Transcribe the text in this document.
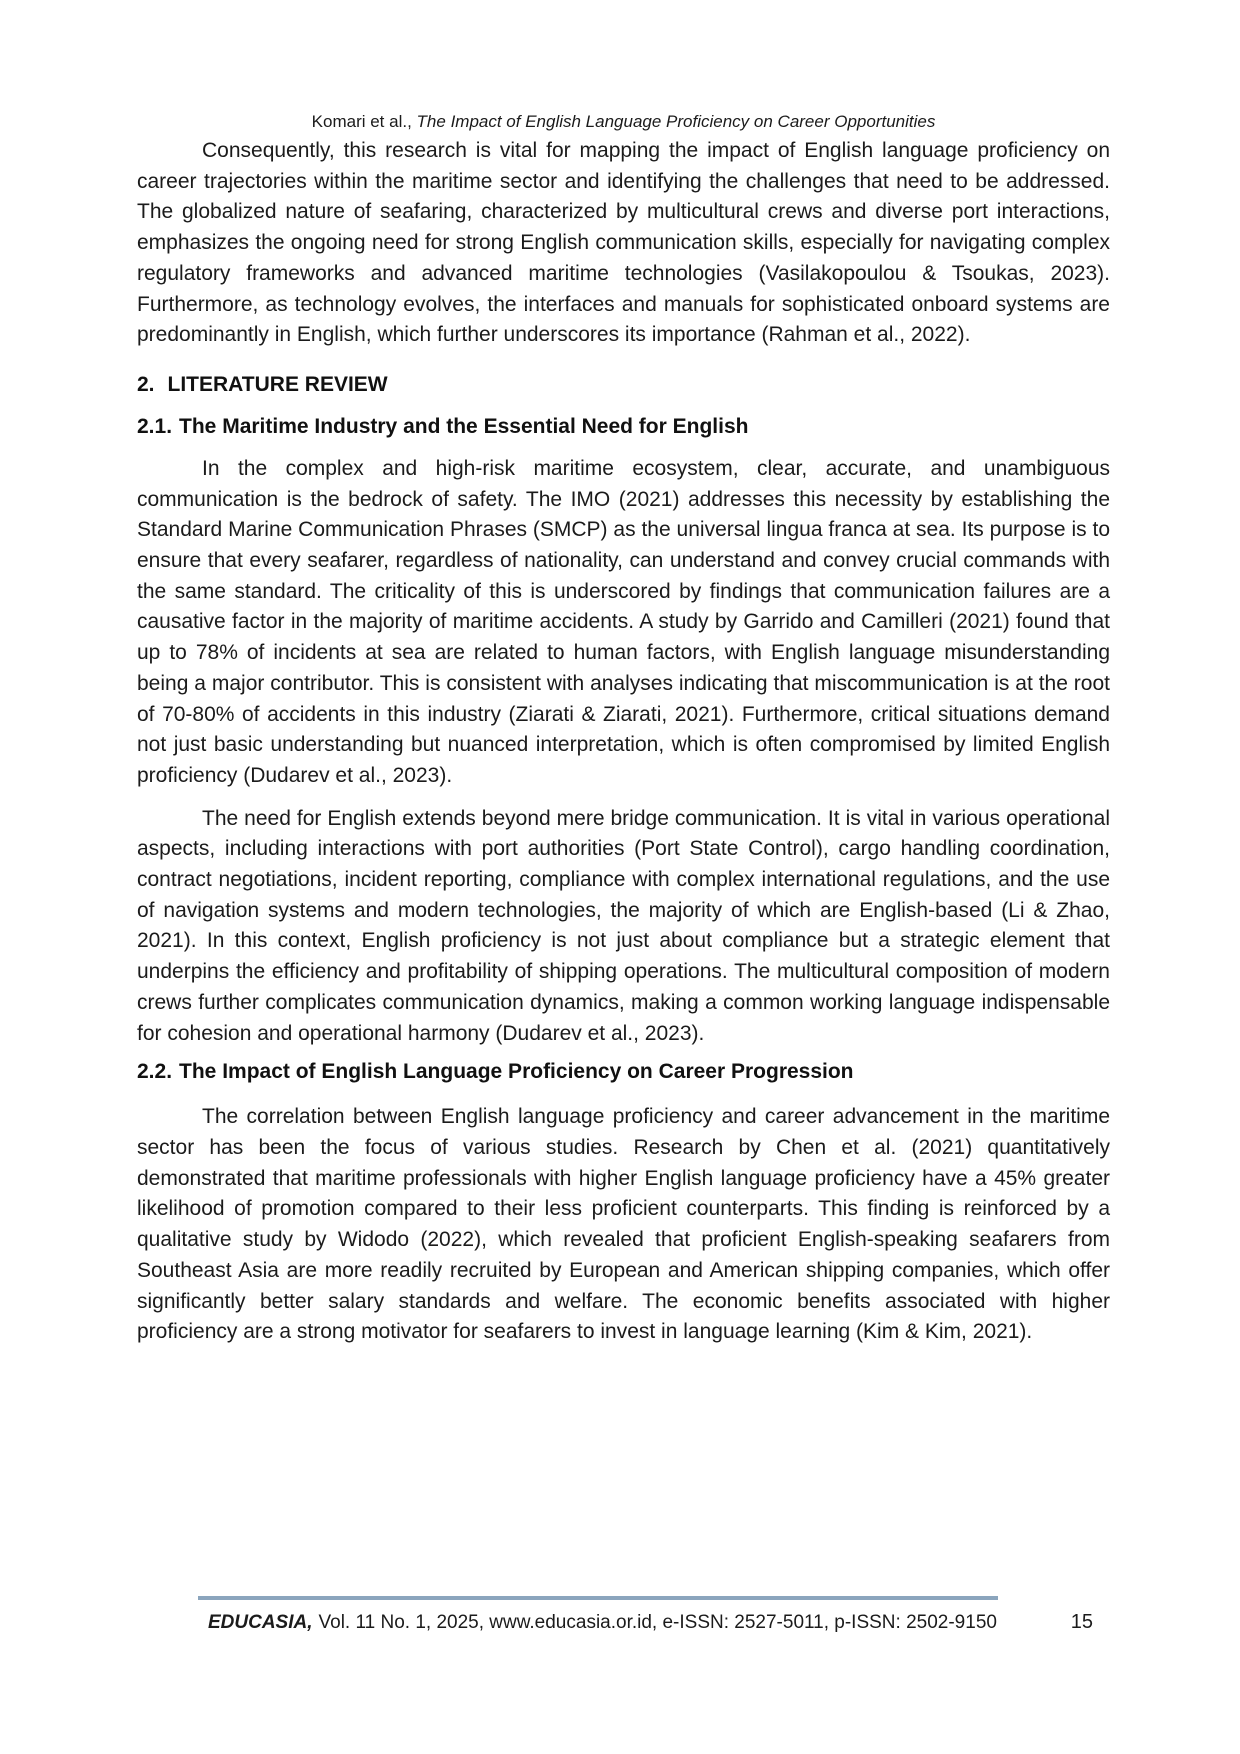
Komari et al., The Impact of English Language Proficiency on Career Opportunities

Consequently, this research is vital for mapping the impact of English language proficiency on career trajectories within the maritime sector and identifying the challenges that need to be addressed. The globalized nature of seafaring, characterized by multicultural crews and diverse port interactions, emphasizes the ongoing need for strong English communication skills, especially for navigating complex regulatory frameworks and advanced maritime technologies (Vasilakopoulou & Tsoukas, 2023). Furthermore, as technology evolves, the interfaces and manuals for sophisticated onboard systems are predominantly in English, which further underscores its importance (Rahman et al., 2022).

2. LITERATURE REVIEW
2.1. The Maritime Industry and the Essential Need for English

In the complex and high-risk maritime ecosystem, clear, accurate, and unambiguous communication is the bedrock of safety. The IMO (2021) addresses this necessity by establishing the Standard Marine Communication Phrases (SMCP) as the universal lingua franca at sea. Its purpose is to ensure that every seafarer, regardless of nationality, can understand and convey crucial commands with the same standard. The criticality of this is underscored by findings that communication failures are a causative factor in the majority of maritime accidents. A study by Garrido and Camilleri (2021) found that up to 78% of incidents at sea are related to human factors, with English language misunderstanding being a major contributor. This is consistent with analyses indicating that miscommunication is at the root of 70-80% of accidents in this industry (Ziarati & Ziarati, 2021). Furthermore, critical situations demand not just basic understanding but nuanced interpretation, which is often compromised by limited English proficiency (Dudarev et al., 2023).

The need for English extends beyond mere bridge communication. It is vital in various operational aspects, including interactions with port authorities (Port State Control), cargo handling coordination, contract negotiations, incident reporting, compliance with complex international regulations, and the use of navigation systems and modern technologies, the majority of which are English-based (Li & Zhao, 2021). In this context, English proficiency is not just about compliance but a strategic element that underpins the efficiency and profitability of shipping operations. The multicultural composition of modern crews further complicates communication dynamics, making a common working language indispensable for cohesion and operational harmony (Dudarev et al., 2023).

2.2. The Impact of English Language Proficiency on Career Progression

The correlation between English language proficiency and career advancement in the maritime sector has been the focus of various studies. Research by Chen et al. (2021) quantitatively demonstrated that maritime professionals with higher English language proficiency have a 45% greater likelihood of promotion compared to their less proficient counterparts. This finding is reinforced by a qualitative study by Widodo (2022), which revealed that proficient English-speaking seafarers from Southeast Asia are more readily recruited by European and American shipping companies, which offer significantly better salary standards and welfare. The economic benefits associated with higher proficiency are a strong motivator for seafarers to invest in language learning (Kim & Kim, 2021).

EDUCASIA, Vol. 11 No. 1, 2025, www.educasia.or.id, e-ISSN: 2527-5011, p-ISSN: 2502-9150	15
